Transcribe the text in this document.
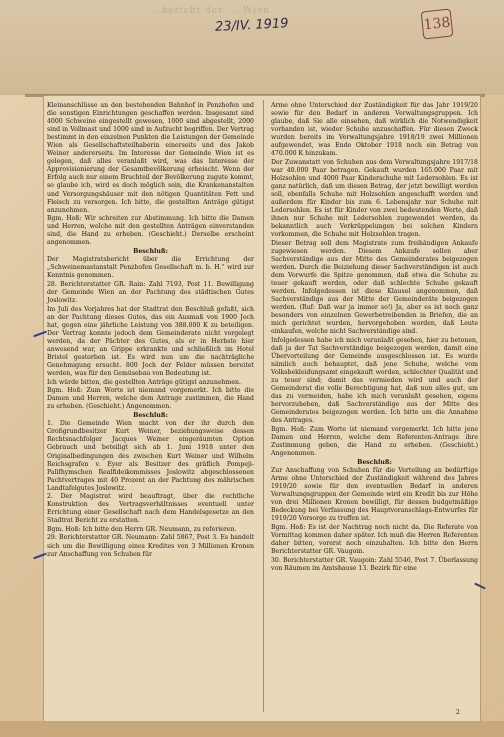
...bericht der ... Wien
23/IV. 1919	138

Kleinanschlüsse an den bestehenden Bahnhof in Penzhofen und die sonstigen Einrichtungen geschaffen werden. Insgesamt sind 4000 Schweine eingestellt gewesen, 1000 sind abgestellt, 2000 sind in Vollmast und 1000 sind in Aufzucht begriffen. Der Vertrag bestimmt in den einzelnen Punkten die Leistungen der Gemeinde Wien als Gesellschaftsteilhaberin einerseits und des Jakob Weiner andererseits. Im Interesse der Gemeinde Wien ist es gelegen, daß alles veranlaßt wird, was das Interesse der Approvisionierung der Gesamtbevölkerung erheischt. Wenn der Erfolg auch nur einem Bruchteil der Bevölkerung zugute kommt, so glaube ich, wird es doch möglich sein, die Krankenanstalten und Versorgungshäuser mit den nötigen Quantitäten Fett und Fleisch zu versorgen. Ich bitte, die gestellten Anträge gütigst anzunehmen.

Bgm. Hoß: Wir schreiten zur Abstimmung. Ich bitte die Damen und Herren, welche mit den gestellten Anträgen einverstanden sind, die Hand zu erheben. (Geschieht.) Derselbe erscheint angenommen.

Beschluß:

Der Magistratsbericht über die Errichtung der „Schweinemastanstalt Penzhofen Gesellschaft m. b. H.“ wird zur Kenntnis genommen.

28. Berichterstatter GR. Rain: Zahl 7193, Post 11. Bewilligung der Gemeinde Wien an der Pachtung des städtischen Gutes Joslowitz.

Im Juli des Vorjahres hat der Stadtrat den Beschluß gefaßt, sich an der Pachtung dieses Gutes, das ein Ausmaß von 1900 Joch hat, gegen eine jährliche Leistung von 388.000 K zu beteiligen. Der Vertrag konnte jedoch dem Gemeinderate nicht vorgelegt werden, da der Pächter des Gutes, als er in Herbste hier anwesend war, an Grippe erkrankte und schließlich im Hotel Bristol gestorben ist. Es wird nun um die nachträgliche Genehmigung ersucht. 800 Joch der Felder müssen bereitet werden, was für den Gemüsebau von Bedeutung ist.

Ich würde bitten, die gestellten Anträge gütigst anzunehmen.

Bgm. Hoß: Zum Worte ist niemand vorgemerkt. Ich bitte die Damen und Herren, welche dem Antrage zustimmen, die Hand zu erheben. (Geschieht.) Angenommen.

Beschluß:

1. Die Gemeinde Wien macht von der ihr durch den Großgrundbesitzer Kurt Weiner, beziehungsweise dessen Rechtsnachfolger Jacques Weiner eingeräumten Option Gebrauch und beteiligt sich ab 1. Juni 1918 unter den Originalbedingungen des zwischen Kurt Weiner und Wilhelm Reichsgrafen v. Eyer als Besitzer des gräflich Pompeji-Pallfhymschen Realfideikommisses Joslowitz abgeschlossenen Pachtvertrages mit 40 Prozent an der Pachtung des mährischen Landtafelgutes Joslowitz.

2. Der Magistrat wird beauftragt, über die rechtliche Konstruktion des Vertragsverhältnisses eventuell unter Errichtung einer Gesellschaft nach dem Handelsgesetze an den Stadtrat Bericht zu erstatten.

Bgm. Hoß: Ich bitte den Herrn GR. Neumann, zu referieren.

29. Berichterstatter GR. Neumann: Zahl 5867, Post 3. Es handelt sich um die Bewilligung eines Kredites von 3 Millionen Kronen zur Anschaffung von Schuhen für

Arme ohne Unterschied der Zuständigkeit für das Jahr 1919/20 sowie für den Bedarf in anderen Verwaltungsgruppen. Ich glaube, daß Sie alle einsehen, daß wirklich die Notwendigkeit vorhanden ist, wieder Schuhe anzuschaffen. Für diesen Zweck wurden bereits im Verwaltungsjahre 1918/19 zwei Millionen aufgewendet, was Ende Oktober 1918 noch ein Betrag von 470.000 K hinzukam.

Der Zuwanstatt von Schuhen aus dem Verwaltungsjahre 1917/18 war 40.000 Paar betragen. Gekauft wurden 165.000 Paar mit Holzsohlen und 4000 Paar Kinderschuhe mit Ledersohlen. Es ist ganz natürlich, daß um diesen Betrag, der jetzt bewilligt werden soll, ebenfalls Schuhe mit Holzsohlen angeschafft werden und außerdem für Kinder bis zum 6. Lebensjahr nur Schuhe mit Ledersohlen. Es ist für Kinder von zwei bedeutenden Werte, daß ihnen nur Schuhe mit Ledersohlen zugewendet werden, da bekanntlich auch Verkrüppelungen bei solchen Kindern vorkommen, die Schuhe mit Holzsohlen tragen.

Dieser Betrag soll dem Magistrate zum freihändigen Ankaufe zugewiesen werden. Diesem Ankaufe sollen aber Sachverständige aus der Mitte des Gemeinderates beigezogen werden. Durch die Beiziehung dieser Sachverständigen ist auch dem Vorwurfe die Spitze genommen, daß etwa die Schuhe zu teuer gekauft werden, oder daß schlechte Schuhe gekauft werden. Infolgedessen ist diese Klausel angenommen, daß Sachverständige aus der Mitte der Gemeinderäte beigezogen werden. (Ruf: Daß war ja immer so!) Ja, aber es ist noch ganz besonders von einzelnen Gewerbetreibenden in Briefen, die an mich gerichtet wurden, hervorgehoben worden, daß Leute einkaufen, welche nicht Sachverständige sind.

Infolgedessen habe ich mich veranlaßt gesehen, hier zu betonen, daß ja der Tat Sachverständige beigezogen werden, damit eine Übervorteilung der Gemeinde ausgeschlossen ist. Es wurde nämlich auch behauptet, daß jene Schuhe, welche vom Volksbekleidungsamt eingekauft werden, schlechter Qualität und zu teuer sind; damit das vermieden wird und auch der Gemeinderat die volle Berechtigung hat, daß nun alles gut, um das zu vermeiden, habe ich mich veranlaßt gesehen, eigens hervorzuheben, daß Sachverständige aus der Mitte des Gemeinderates beigezogen werden. Ich bitte um die Annahme des Antrages.

Bgm. Hoß: Zum Worte ist niemand vorgemerkt. Ich bitte jene Damen und Herren, welche dem Referenten-Antrage ihre Zustimmung geben, die Hand zu erheben. (Geschieht.) Angenommen.

Beschluß:

Zur Anschaffung von Schuhen für die Verteilung an bedürftige Arme ohne Unterschied der Zuständigkeit während des Jahres 1919/20 sowie für den eventuellen Bedarf in anderen Verwaltungsgruppen der Gemeinde wird ein Kredit bis zur Höhe von drei Millionen Kronen bewilligt, für dessen budgetmäßige Bedeckung bei Verfassung des Hauptvoranschlags-Entwurfes für 1919/20 Vorsorge zu treffen ist.

Bgm. Hoß: Es ist der Nachtrag noch nicht da. Die Referate von Vormittag kommen daher später. Ich muß die Herren Referenten daher bitten, vorerst noch einzuhalten. Ich bitte den Herrn Berichterstatter GR. Vaugoin.

30. Berichterstatter GR. Vaugoin: Zahl 5546, Post 7. Überlassung von Räumen im Amtshause 13. Bezirk für eine

2
